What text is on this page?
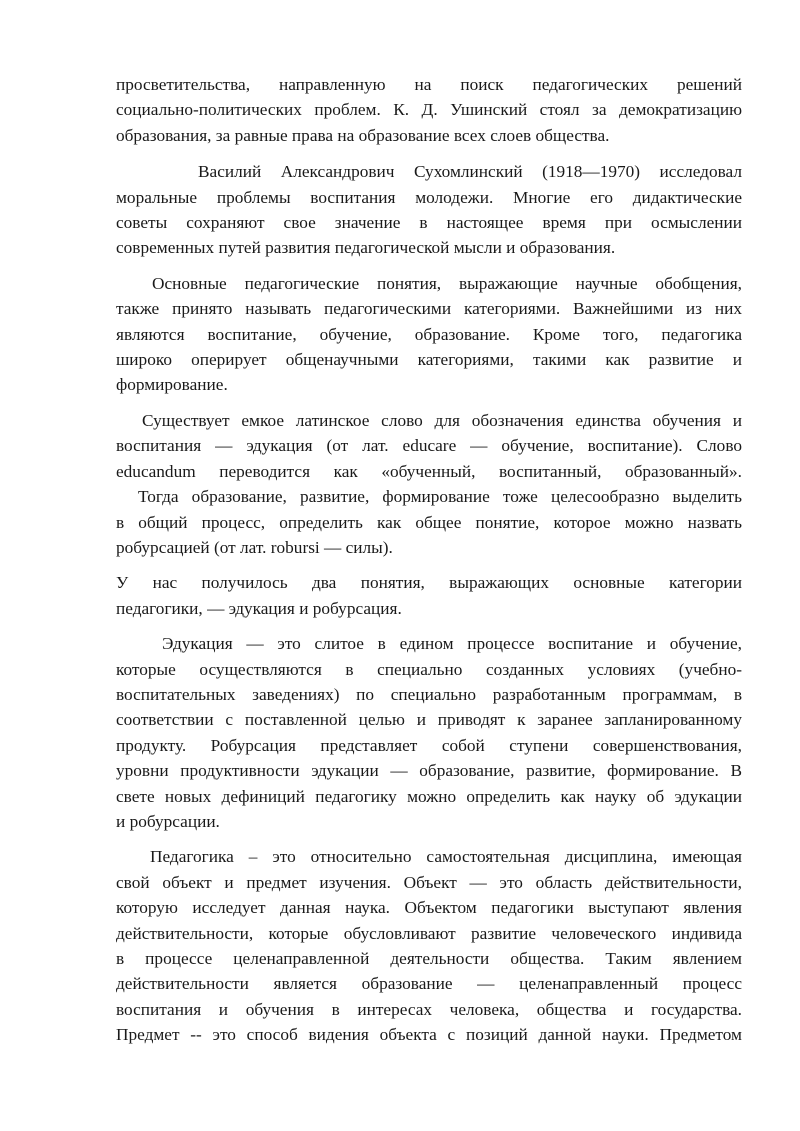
просветительства, направленную на поиск педагогических решений
социально-политических проблем. К. Д. Ушинский стоял за демократизацию
образования, за равные права на образование всех слоев общества.
Василий Александрович Сухомлинский (1918—1970) исследовал
моральные проблемы воспитания молодежи. Многие его дидактические
советы сохраняют свое значение в настоящее время при осмыслении
современных путей развития педагогической мысли и образования.
Основные педагогические понятия, выражающие научные обобщения,
также принято называть педагогическими категориями. Важнейшими из них
являются воспитание, обучение, образование. Кроме того, педагогика
широко оперирует общенаучными категориями, такими как развитие и
формирование.
Существует емкое латинское слово для обозначения единства обучения и
воспитания — эдукация (от лат. educare — обучение, воспитание). Слово
educandum переводится как «обученный, воспитанный, образованный».
Тогда образование, развитие, формирование тоже целесообразно выделить
в общий процесс, определить как общее понятие, которое можно назвать
робурсацией (от лат. robursі — силы).
У нас получилось два понятия, выражающих основные категории
педагогики, — эдукация и робурсация.
Эдукация — это слитое в едином процессе воспитание и обучение,
которые осуществляются в специально созданных условиях (учебно-
воспитательных заведениях) по специально разработанным программам, в
соответствии с поставленной целью и приводят к заранее запланированному
продукту. Робурсация представляет собой ступени совершенствования,
уровни продуктивности эдукации — образование, развитие, формирование. В
свете новых дефиниций педагогику можно определить как науку об эдукации
и робурсации.
Педагогика – это относительно самостоятельная дисциплина, имеющая
свой объект и предмет изучения. Объект — это область действительности,
которую исследует данная наука. Объектом педагогики выступают явления
действительности, которые обусловливают развитие человеческого индивида
в процессе целенаправленной деятельности общества. Таким явлением
действительности является образование — целенаправленный процесс
воспитания и обучения в интересах человека, общества и государства.
Предмет -- это способ видения объекта с позиций данной науки. Предметом
